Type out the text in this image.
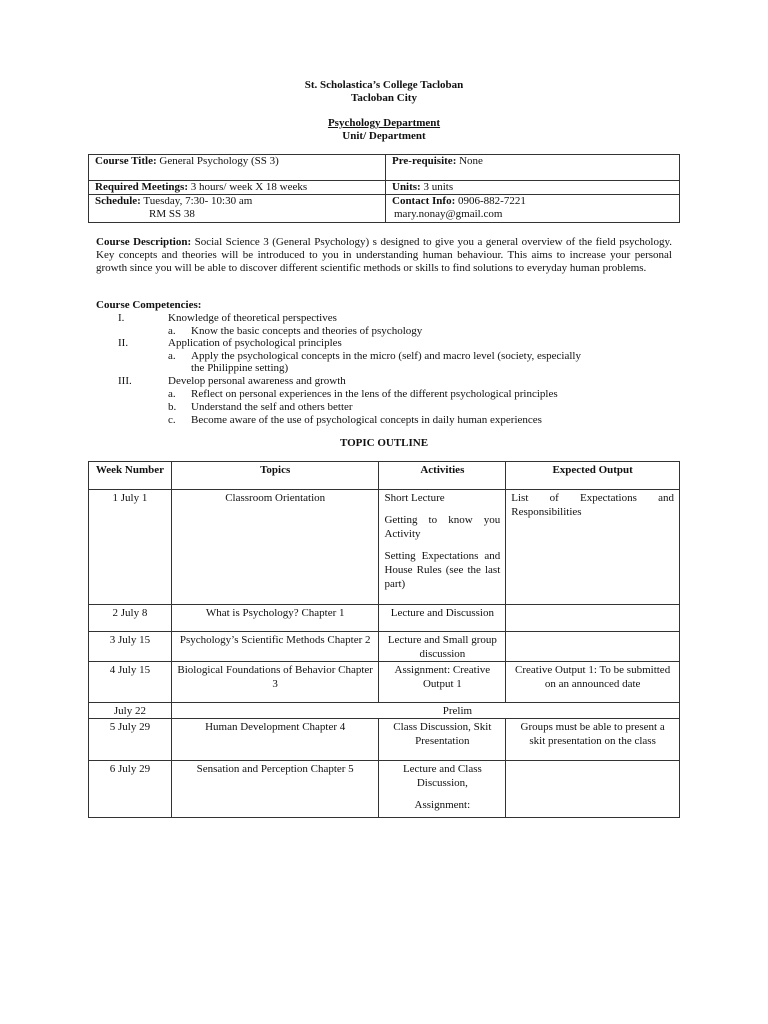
St. Scholastica’s College Tacloban
Tacloban City
Psychology Department
Unit/ Department
Course Title: General Psychology (SS 3)	Pre-requisite: None
Required Meetings: 3 hours/ week X 18 weeks	Units: 3 units
Schedule: Tuesday, 7:30- 10:30 am
RM SS 38	Contact Info: 0906-882-7221
mary.nonay@gmail.com
Course Description: Social Science 3 (General Psychology) s designed to give you a general overview of the field psychology. Key concepts and theories will be introduced to you in understanding human behaviour. This aims to increase your personal growth since you will be able to discover different scientific methods or skills to find solutions to everyday human problems.
Course Competencies:
I.	Knowledge of theoretical perspectives
a. Know the basic concepts and theories of psychology
II.	Application of psychological principles
a. Apply the psychological concepts in the micro (self) and macro level (society, especially
the Philippine setting)
III.	Develop personal awareness and growth
a. Reflect on personal experiences in the lens of the different psychological principles
b. Understand the self and others better
c. Become aware of the use of psychological concepts in daily human experiences
TOPIC OUTLINE
Week Number	Topics	Activities	Expected Output
1 July 1	Classroom Orientation	Short Lecture
Getting to know you Activity
Setting Expectations and House Rules (see the last part)	List of Expectations and Responsibilities
2 July 8	What is Psychology? Chapter 1	Lecture and Discussion	
3 July 15	Psychology’s Scientific Methods Chapter 2	Lecture and Small group discussion	
4 July 15	Biological Foundations of Behavior Chapter 3	Assignment: Creative Output 1	Creative Output 1: To be submitted on an announced date
July 22	Prelim		
5 July 29	Human Development Chapter 4	Class Discussion, Skit Presentation	Groups must be able to present a skit presentation on the class
6 July 29	Sensation and Perception Chapter 5	Lecture and Class Discussion,
Assignment:	
